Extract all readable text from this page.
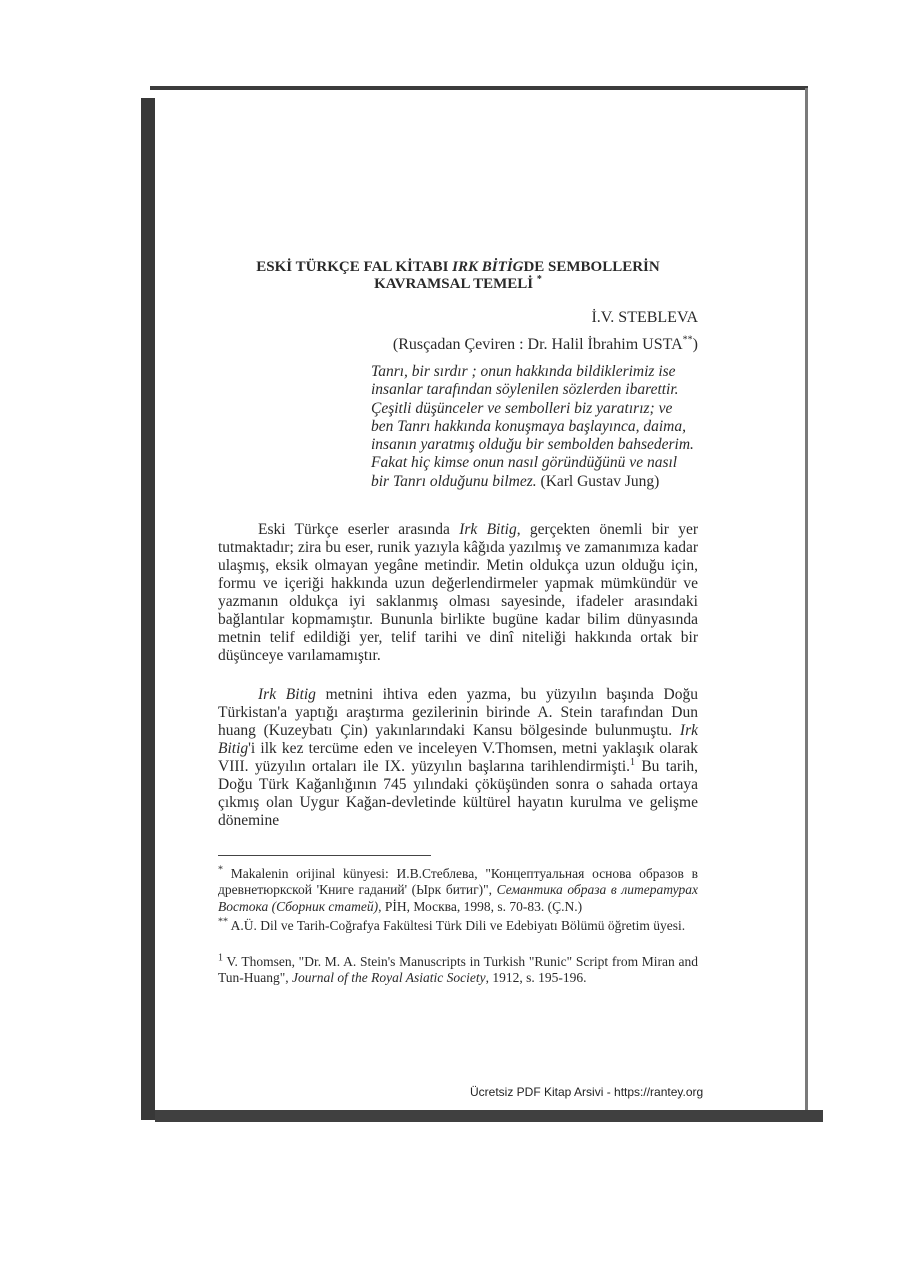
ESKİ TÜRKÇE FAL KİTABI IRK BİTİGDE SEMBOLLERİN
KAVRAMSAL TEMELİ *
İ.V. STEBLEVA
(Rusçadan Çeviren : Dr. Halil İbrahim USTA**)
Tanrı, bir sırdır ; onun hakkında bildiklerimiz ise insanlar tarafından söylenilen sözlerden ibarettir. Çeşitli düşünceler ve sembolleri biz yaratırız; ve ben Tanrı hakkında konuşmaya başlayınca, daima, insanın yaratmış olduğu bir sembolden bahsederim. Fakat hiç kimse onun nasıl göründüğünü ve nasıl bir Tanrı olduğunu bilmez. (Karl Gustav Jung)
Eski Türkçe eserler arasında Irk Bitig, gerçekten önemli bir yer tutmaktadır; zira bu eser, runik yazıyla kâğıda yazılmış ve zamanımıza kadar ulaşmış, eksik olmayan yegâne metindir. Metin oldukça uzun olduğu için, formu ve içeriği hakkında uzun değerlendirmeler yapmak mümkündür ve yazmanın oldukça iyi saklanmış olması sayesinde, ifadeler arasındaki bağlantılar kopmamıştır. Bununla birlikte bugüne kadar bilim dünyasında metnin telif edildiği yer, telif tarihi ve dinî niteliği hakkında ortak bir düşünceye varılamamıştır.
Irk Bitig metnini ihtiva eden yazma, bu yüzyılın başında Doğu Türkistan'a yaptığı araştırma gezilerinin birinde A. Stein tarafından Dun huang (Kuzeybatı Çin) yakınlarındaki Kansu bölgesinde bulunmuştu. Irk Bitig'i ilk kez tercüme eden ve inceleyen V.Thomsen, metni yaklaşık olarak VIII. yüzyılın ortaları ile IX. yüzyılın başlarına tarihlendirmişti.$^1$ Bu tarih, Doğu Türk Kağanlığının 745 yılındaki çöküşünden sonra o sahada ortaya çıkmış olan Uygur Kağan-devletinde kültürel hayatın kurulma ve gelişme dönemine
* Makalenin orijinal künyesi: И.В.Стеблева, "Концептуальная основа образов в древнетюркской 'Книге гаданий' (Ырк битиг)", Семантика образа в литературах Востока (Сборник статей), РİН, Москва, 1998, s. 70-83. (Ç.N.)
** A.Ü. Dil ve Tarih-Coğrafya Fakültesi Türk Dili ve Edebiyatı Bölümü öğretim üyesi.
$^1$ V. Thomsen, "Dr. M. A. Stein's Manuscripts in Turkish "Runic" Script from Miran and Tun-Huang", Journal of the Royal Asiatic Society, 1912, s. 195-196.
Ücretsiz PDF Kitap Arsivi - https://rantey.org
